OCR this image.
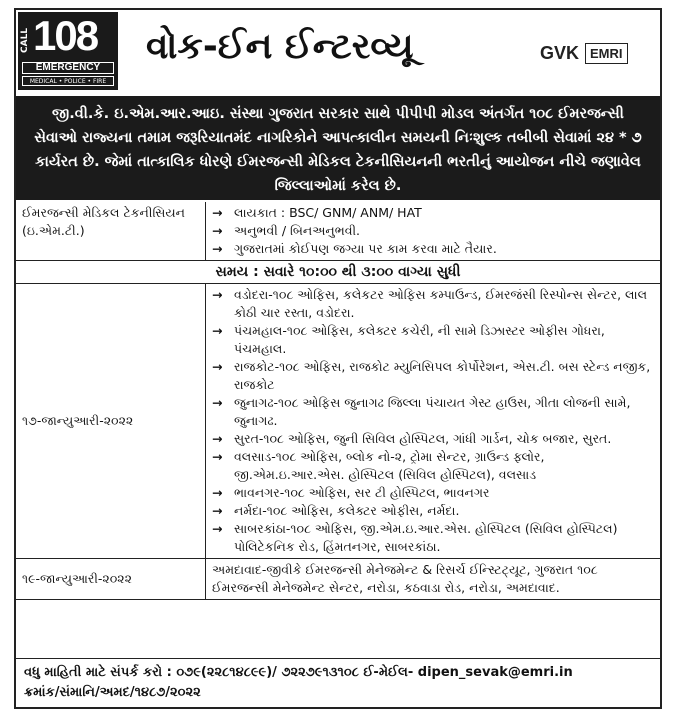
CALL 108
EMERGENCY
MEDICAL • POLICE • FIRE
વોક-ઈન ઈન્ટરવ્યૂ	GVK EMRI
જી.વી.કે. ઇ.એમ.આર.આઇ. સંસ્થા ગુજરાત સરકાર સાથે પીપીપી મોડલ અંતર્ગત ૧૦૮ ઈમરજન્સી સેવાઓ રાજ્યના તમામ જરૂરિયાતમંદ નાગરિકોને આપત્કાલીન સમયની નિઃશુલ્ક તબીબી સેવામાં ૨૪ * ૭ કાર્યરત છે. જેમાં તાત્કાલિક ધોરણે ઈમરજન્સી મેડિકલ ટેકનીસિયનની ભરતીનું આયોજન નીચે જણાવેલ જિલ્લાઓમાં કરેલ છે.
ઈમરજન્સી મેડિકલ ટેકનીસિયન (ઇ.એમ.ટી.)
→ લાયકાત : BSC/ GNM/ ANM/ HAT
→ અનુભવી / બિનઅનુભવી.
→ ગુજરાતમાં કોઈપણ જગ્યા પર કામ કરવા માટે તૈયાર.
સમય : સવારે ૧૦:૦૦ થી ૩:૦૦ વાગ્યા સુધી
૧૭-જાન્યુઆરી-૨૦૨૨
→ વડોદરા-૧૦૮ ઓફિસ, કલેકટર ઓફિસ કમ્પાઉન્ડ, ઈમરજંસી રિસ્પોન્સ સેન્ટર, લાલ કોઠી ચાર રસ્તા, વડોદરા.
→ પંચમહાલ-૧૦૮ ઓફિસ, કલેક્ટર કચેરી, ની સામે ડિઝાસ્ટર ઓફીસ ગોધરા, પંચમહાલ.
→ રાજકોટ-૧૦૮ ઓફિસ, રાજકોટ મ્યુનિસિપલ કોર્પોરેશન, એસ.ટી. બસ સ્ટેન્ડ નજીક, રાજકોટ
→ જુનાગઢ-૧૦૮ ઓફિસ જુનાગઢ જિલ્લા પંચાયત ગેસ્ટ હાઉસ, ગીતા લોજની સામે, જુનાગઢ.
→ સુરત-૧૦૮ ઓફિસ, જુની સિવિલ હોસ્પિટલ, ગાંધી ગાર્ડન, ચોક બજાર, સુરત.
→ વલસાડ-૧૦૮ ઓફિસ, બ્લોક નો-૨, ટ્રોમા સેન્ટર, ગ્રાઉન્ડ ફ્લોર, જી.એમ.ઇ.આર.એસ. હોસ્પિટલ (સિવિલ હોસ્પિટલ), વલસાડ
→ ભાવનગર-૧૦૮ ઓફિસ, સર ટી હોસ્પિટલ, ભાવનગર
→ નર્મદા-૧૦૮ ઓફિસ, કલેક્ટર ઓફીસ, નર્મદા.
→ સાબરકાંઠા-૧૦૮ ઓફિસ, જી.એમ.ઇ.આર.એસ. હોસ્પિટલ (સિવિલ હોસ્પિટલ) પોલિટેકનિક રોડ, હિંમતનગર, સાબરકાંઠા.
૧૯-જાન્યુઆરી-૨૦૨૨
અમદાવાદ-જીવીકે ઈમરજન્સી મેનેજમેન્ટ & રિસર્ચ ઈન્સ્ટિટ્યૂટ, ગુજરાત ૧૦૮ ઈમરજન્સી મેનેજમેન્ટ સેન્ટર, નરોડા, કઠવાડા રોડ, નરોડા, અમદાવાદ.
વધુ માહિતી માટે સંપર્ક કરો : ૦૭૯(૨૨૮૧૪૮૯૯)/ ૭૨૨૭૯૧૩૧૦૮ ઈ-મેઈલ- dipen_sevak@emri.in
ક્રમાંક/સંમાનિ/અમદ/૧૪૮૭/૨૦૨૨
